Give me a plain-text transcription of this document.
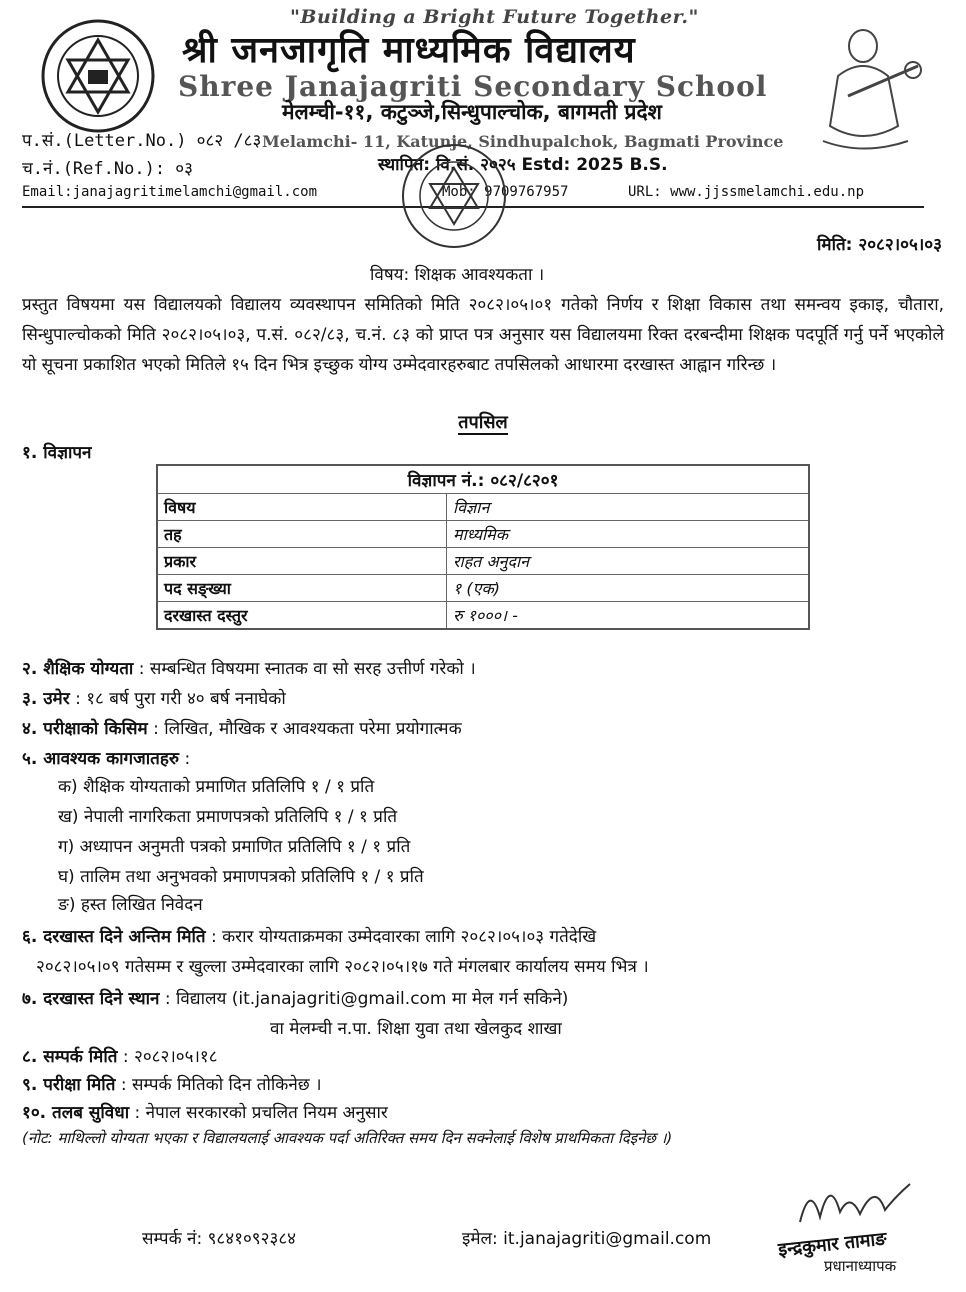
"Building a Bright Future Together."
श्री जनजागृति माध्यमिक विद्यालय
Shree Janajagriti Secondary School
मेलम्ची-११, कटुञ्जे,सिन्धुपाल्चोक, बागमती प्रदेश
Melamchi- 11, Katunje, Sindhupalchok, Bagmati Province
प.सं.(Letter.No.) ०८२ /८३
च.नं.(Ref.No.): ०३	स्थापित: वि.सं. २०२५ Estd: 2025 B.S.
Email:janajagritimelamchi@gmail.com	Mob: 9709767957	URL: www.jjssmelamchi.edu.np
मिति: २०८२।०५।०३
विषय: शिक्षक आवश्यकता ।
प्रस्तुत विषयमा यस विद्यालयको विद्यालय व्यवस्थापन समितिको मिति २०८२।०५।०१ गतेको निर्णय र शिक्षा विकास तथा समन्वय इकाइ, चौतारा, सिन्धुपाल्चोकको मिति २०८२।०५।०३, प.सं. ०८२/८३, च.नं. ८३ को प्राप्त पत्र अनुसार यस विद्यालयमा रिक्त दरबन्दीमा शिक्षक पदपूर्ति गर्नु पर्ने भएकोले यो सूचना प्रकाशित भएको मितिले १५ दिन भित्र इच्छुक योग्य उम्मेदवारहरुबाट तपसिलको आधारमा दरखास्त आह्वान गरिन्छ ।
तपसिल
१. विज्ञापन
विज्ञापन नं.: ०८२/८२०१	
विषय	विज्ञान
तह	माध्यमिक
प्रकार	राहत अनुदान
पद सङ्ख्या	१ (एक)
दरखास्त दस्तुर	रु १०००। -
२. शैक्षिक योग्यता : सम्बन्धित विषयमा स्नातक वा सो सरह उत्तीर्ण गरेको ।
३. उमेर : १८ बर्ष पुरा गरी ४० बर्ष ननाघेको
४. परीक्षाको किसिम : लिखित, मौखिक र आवश्यकता परेमा प्रयोगात्मक
५. आवश्यक कागजातहरु :
क) शैक्षिक योग्यताको प्रमाणित प्रतिलिपि १ / १ प्रति
ख) नेपाली नागरिकता प्रमाणपत्रको प्रतिलिपि १ / १ प्रति
ग) अध्यापन अनुमती पत्रको प्रमाणित प्रतिलिपि १ / १ प्रति
घ) तालिम तथा अनुभवको प्रमाणपत्रको प्रतिलिपि १ / १ प्रति
ङ) हस्त लिखित निवेदन
६. दरखास्त दिने अन्तिम मिति : करार योग्यताक्रमका उम्मेदवारका लागि २०८२।०५।०३ गतेदेखि
२०८२।०५।०९ गतेसम्म र खुल्ला उम्मेदवारका लागि २०८२।०५।१७ गते मंगलबार कार्यालय समय भित्र ।
७. दरखास्त दिने स्थान : विद्यालय (it.janajagriti@gmail.com मा मेल गर्न सकिने)
वा मेलम्ची न.पा. शिक्षा युवा तथा खेलकुद शाखा
८. सम्पर्क मिति : २०८२।०५।१८
९. परीक्षा मिति : सम्पर्क मितिको दिन तोकिनेछ ।
१०. तलब सुविधा : नेपाल सरकारको प्रचलित नियम अनुसार
(नोट: माथिल्लो योग्यता भएका र विद्यालयलाई आवश्यक पर्दा अतिरिक्त समय दिन सक्नेलाई विशेष प्राथमिकता दिइनेछ ।)
सम्पर्क नं: ९८४१०९२३८४	इमेल: it.janajagriti@gmail.com	इन्द्रकुमार तामाङ
प्रधानाध्यापक
